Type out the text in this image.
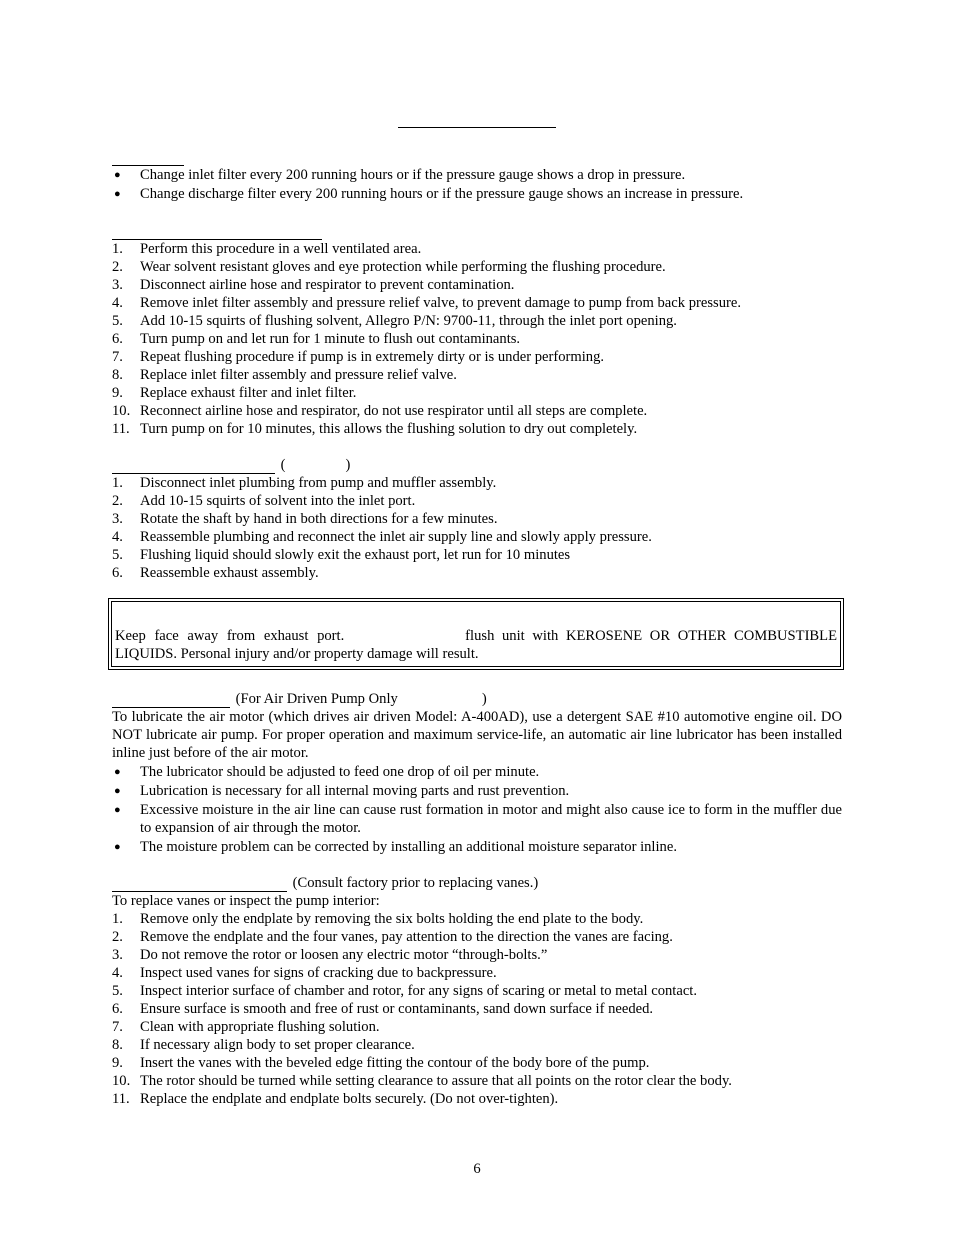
● Change inlet filter every 200 running hours or if the pressure gauge shows a drop in pressure.
● Change discharge filter every 200 running hours or if the pressure gauge shows an increase in pressure.
1. Perform this procedure in a well ventilated area.
2. Wear solvent resistant gloves and eye protection while performing the flushing procedure.
3. Disconnect airline hose and respirator to prevent contamination.
4. Remove inlet filter assembly and pressure relief valve, to prevent damage to pump from back pressure.
5. Add 10-15 squirts of flushing solvent, Allegro P/N: 9700-11, through the inlet port opening.
6. Turn pump on and let run for 1 minute to flush out contaminants.
7. Repeat flushing procedure if pump is in extremely dirty or is under performing.
8. Replace inlet filter assembly and pressure relief valve.
9. Replace exhaust filter and inlet filter.
10. Reconnect airline hose and respirator, do not use respirator until all steps are complete.
11. Turn pump on for 10 minutes, this allows the flushing solution to dry out completely.
(	)
1. Disconnect inlet plumbing from pump and muffler assembly.
2. Add 10-15 squirts of solvent into the inlet port.
3. Rotate the shaft by hand in both directions for a few minutes.
4. Reassemble plumbing and reconnect the inlet air supply line and slowly apply pressure.
5. Flushing liquid should slowly exit the exhaust port, let run for 10 minutes
6. Reassemble exhaust assembly.
Keep face away from exhaust port.	flush unit with KEROSENE OR OTHER COMBUSTIBLE
LIQUIDS. Personal injury and/or property damage will result.
(For Air Driven Pump Only	)
To lubricate the air motor (which drives air driven Model: A-400AD), use a detergent SAE #10 automotive engine oil. DO NOT lubricate air pump. For proper operation and maximum service-life, an automatic air line lubricator has been installed inline just before of the air motor.
● The lubricator should be adjusted to feed one drop of oil per minute.
● Lubrication is necessary for all internal moving parts and rust prevention.
● Excessive moisture in the air line can cause rust formation in motor and might also cause ice to form in the muffler due to expansion of air through the motor.
● The moisture problem can be corrected by installing an additional moisture separator inline.
(Consult factory prior to replacing vanes.)
To replace vanes or inspect the pump interior:
1. Remove only the endplate by removing the six bolts holding the end plate to the body.
2. Remove the endplate and the four vanes, pay attention to the direction the vanes are facing.
3. Do not remove the rotor or loosen any electric motor “through-bolts.”
4. Inspect used vanes for signs of cracking due to backpressure.
5. Inspect interior surface of chamber and rotor, for any signs of scaring or metal to metal contact.
6. Ensure surface is smooth and free of rust or contaminants, sand down surface if needed.
7. Clean with appropriate flushing solution.
8. If necessary align body to set proper clearance.
9. Insert the vanes with the beveled edge fitting the contour of the body bore of the pump.
10. The rotor should be turned while setting clearance to assure that all points on the rotor clear the body.
11. Replace the endplate and endplate bolts securely. (Do not over-tighten).
6
